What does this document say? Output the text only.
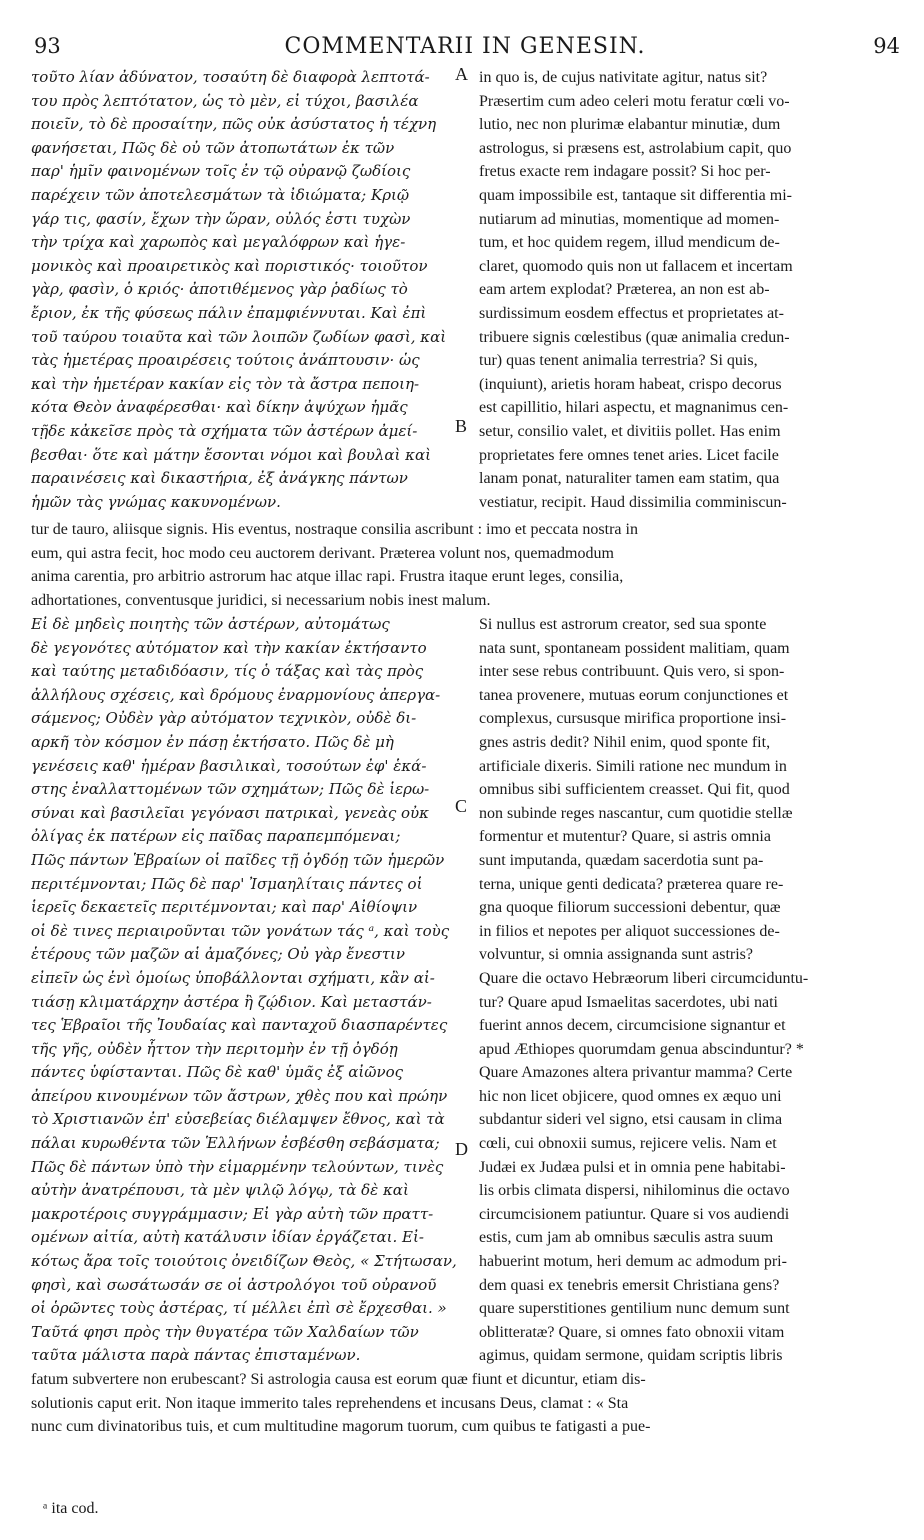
93	COMMENTARII IN GENESIN.	94
τοῦτο λίαν ἀδύνατον, τοσαύτη δὲ διαφορὰ λεπτοτά-
του πρὸς λεπτότατον, ὡς τὸ μὲν, εἰ τύχοι, βασιλέα
ποιεῖν, τὸ δὲ προσαίτην, πῶς οὐκ ἀσύστατος ἡ τέχνη
φανήσεται, Πῶς δὲ οὐ τῶν ἀτοπωτάτων ἐκ τῶν
παρ' ἡμῖν φαινομένων τοῖς ἐν τῷ οὐρανῷ ζωδίοις
παρέχειν τῶν ἀποτελεσμάτων τὰ ἰδιώματα; Κριῷ
γάρ τις, φασίν, ἔχων τὴν ὥραν, οὐλός ἐστι τυχὼν
τὴν τρίχα καὶ χαρωπὸς καὶ μεγαλόφρων καὶ ἡγε-
μονικὸς καὶ προαιρετικὸς καὶ ποριστικός· τοιοῦτον
γὰρ, φασὶν, ὁ κριός· ἀποτιθέμενος γὰρ ῥαδίως τὸ
ἔριον, ἐκ τῆς φύσεως πάλιν ἐπαμφιέννυται. Καὶ ἐπὶ
τοῦ ταύρου τοιαῦτα καὶ τῶν λοιπῶν ζωδίων φασὶ, καὶ
τὰς ἡμετέρας προαιρέσεις τούτοις ἀνάπτουσιν· ὡς
καὶ τὴν ἡμετέραν κακίαν εἰς τὸν τὰ ἄστρα πεποιη-
κότα Θεὸν ἀναφέρεσθαι· καὶ δίκην ἀψύχων ἡμᾶς
τῇδε κἀκεῖσε πρὸς τὰ σχήματα τῶν ἀστέρων ἀμεί-
βεσθαι· ὅτε καὶ μάτην ἔσονται νόμοι καὶ βουλαὶ καὶ
παραινέσεις καὶ δικαστήρια, ἐξ ἀνάγκης πάντων
ἡμῶν τὰς γνώμας κακυνομένων.
in quo is, de cujus nativitate agitur, natus sit?
Præsertim cum adeo celeri motu feratur cœli vo-
lutio, nec non plurimæ elabantur minutiæ, dum
astrologus, si præsens est, astrolabium capit, quo
fretus exacte rem indagare possit? Si hoc per-
quam impossibile est, tantaque sit differentia mi-
nutiarum ad minutias, momentique ad momen-
tum, et hoc quidem regem, illud mendicum de-
claret, quomodo quis non ut fallacem et incertam
eam artem explodat? Præterea, an non est ab-
surdissimum eosdem effectus et proprietates at-
tribuere signis cœlestibus (quæ animalia credun-
tur) quas tenent animalia terrestria? Si quis,
(inquiunt), arietis horam habeat, crispo decorus
est capillitio, hilari aspectu, et magnanimus cen-
setur, consilio valet, et divitiis pollet. Has enim
proprietates fere omnes tenet aries. Licet facile
lanam ponat, naturaliter tamen eam statim, qua
vestiatur, recipit. Haud dissimilia comminiscun-
tur de tauro, aliisque signis. His eventus, nostraque consilia ascribunt : imo et peccata nostra in
eum, qui astra fecit, hoc modo ceu auctorem derivant. Præterea volunt nos, quemadmodum
anima carentia, pro arbitrio astrorum hac atque illac rapi. Frustra itaque erunt leges, consilia,
adhortationes, conventusque juridici, si necessarium nobis inest malum.
Εἰ δὲ μηδεὶς ποιητὴς τῶν ἀστέρων, αὐτομάτως
δὲ γεγονότες αὐτόματον καὶ τὴν κακίαν ἐκτήσαντο
καὶ ταύτης μεταδιδόασιν, τίς ὁ τάξας καὶ τὰς πρὸς
ἀλλήλους σχέσεις, καὶ δρόμους ἐναρμονίους ἀπεργα-
σάμενος; Οὐδὲν γὰρ αὐτόματον τεχνικὸν, οὐδὲ δι-
αρκῆ τὸν κόσμον ἐν πάσῃ ἐκτήσατο. Πῶς δὲ μὴ
γενέσεις καθ' ἡμέραν βασιλικαὶ, τοσούτων ἐφ' ἑκά-
στης ἐναλλαττομένων τῶν σχημάτων; Πῶς δὲ ἱερω-
σύναι καὶ βασιλεῖαι γεγόνασι πατρικαὶ, γενεὰς οὐκ
ὀλίγας ἐκ πατέρων εἰς παῖδας παραπεμπόμεναι;
Πῶς πάντων Ἑβραίων οἱ παῖδες τῇ ὀγδόῃ τῶν ἡμερῶν
περιτέμνονται; Πῶς δὲ παρ' Ἰσμαηλίταις πάντες οἱ
ἱερεῖς δεκαετεῖς περιτέμνονται; καὶ παρ' Αἰθίοψιν
οἱ δὲ τινες περιαιροῦνται τῶν γονάτων τάς ᵃ, καὶ τοὺς
ἑτέρους τῶν μαζῶν αἱ ἀμαζόνες; Οὐ γὰρ ἔνεστιν
εἰπεῖν ὡς ἑνὶ ὁμοίως ὑποβάλλονται σχήματι, κἂν αἰ-
τιάσῃ κλιματάρχην ἀστέρα ἢ ζῴδιον. Καὶ μεταστάν-
τες Ἑβραῖοι τῆς Ἰουδαίας καὶ πανταχοῦ διασπαρέντες
τῆς γῆς, οὐδὲν ἧττον τὴν περιτομὴν ἐν τῇ ὀγδόῃ
πάντες ὑφίστανται. Πῶς δὲ καθ' ὑμᾶς ἐξ αἰῶνος
ἀπείρου κινουμένων τῶν ἄστρων, χθὲς που καὶ πρώην
τὸ Χριστιανῶν ἐπ' εὐσεβείας διέλαμψεν ἔθνος, καὶ τὰ
πάλαι κυρωθέντα τῶν Ἑλλήνων ἐσβέσθη σεβάσματα;
Πῶς δὲ πάντων ὑπὸ τὴν εἱμαρμένην τελούντων, τινὲς
αὐτὴν ἀνατρέπουσι, τὰ μὲν ψιλῷ λόγῳ, τὰ δὲ καὶ
μακροτέροις συγγράμμασιν; Εἰ γὰρ αὐτὴ τῶν πραττ-
ομένων αἰτία, αὐτὴ κατάλυσιν ἰδίαν ἐργάζεται. Εἰ-
κότως ἄρα τοῖς τοιούτοις ὀνειδίζων Θεὸς, « Στήτωσαν,
φησὶ, καὶ σωσάτωσάν σε οἱ ἀστρολόγοι τοῦ οὐρανοῦ
οἱ ὁρῶντες τοὺς ἀστέρας, τί μέλλει ἐπὶ σὲ ἔρχεσθαι. »
Ταῦτά φησι πρὸς τὴν θυγατέρα τῶν Χαλδαίων τῶν
ταῦτα μάλιστα παρὰ πάντας ἐπισταμένων.
Si nullus est astrorum creator, sed sua sponte
nata sunt, spontaneam possident malitiam, quam
inter sese rebus contribuunt. Quis vero, si spon-
tanea provenere, mutuas eorum conjunctiones et
complexus, cursusque mirifica proportione insi-
gnes astris dedit? Nihil enim, quod sponte fit,
artificiale dixeris. Simili ratione nec mundum in
omnibus sibi sufficientem creasset. Qui fit, quod
non subinde reges nascantur, cum quotidie stellæ
formentur et mutentur? Quare, si astris omnia
sunt imputanda, quædam sacerdotia sunt pa-
terna, unique genti dedicata? præterea quare re-
gna quoque filiorum successioni debentur, quæ
in filios et nepotes per aliquot successiones de-
volvuntur, si omnia assignanda sunt astris?
Quare die octavo Hebræorum liberi circumciduntu-
tur? Quare apud Ismaelitas sacerdotes, ubi nati
fuerint annos decem, circumcisione signantur et
apud Æthiopes quorumdam genua abscinduntur? *
Quare Amazones altera privantur mamma? Certe
hic non licet objicere, quod omnes ex æquo uni
subdantur sideri vel signo, etsi causam in clima
cœli, cui obnoxii sumus, rejicere velis. Nam et
Judæi ex Judæa pulsi et in omnia pene habitabi-
lis orbis climata dispersi, nihilominus die octavo
circumcisionem patiuntur. Quare si vos audiendi
estis, cum jam ab omnibus sæculis astra suum
habuerint motum, heri demum ac admodum pri-
dem quasi ex tenebris emersit Christiana gens?
quare superstitiones gentilium nunc demum sunt
oblitteratæ? Quare, si omnes fato obnoxii vitam
agimus, quidam sermone, quidam scriptis libris
fatum subvertere non erubescant? Si astrologia causa est eorum quæ fiunt et dicuntur, etiam dis-
solutionis caput erit. Non itaque immerito tales reprehendens et incusans Deus, clamat : « Sta
nunc cum divinatoribus tuis, et cum multitudine magorum tuorum, cum quibus te fatigasti a pue-
A
B
C
D
ᵃ ita cod.
